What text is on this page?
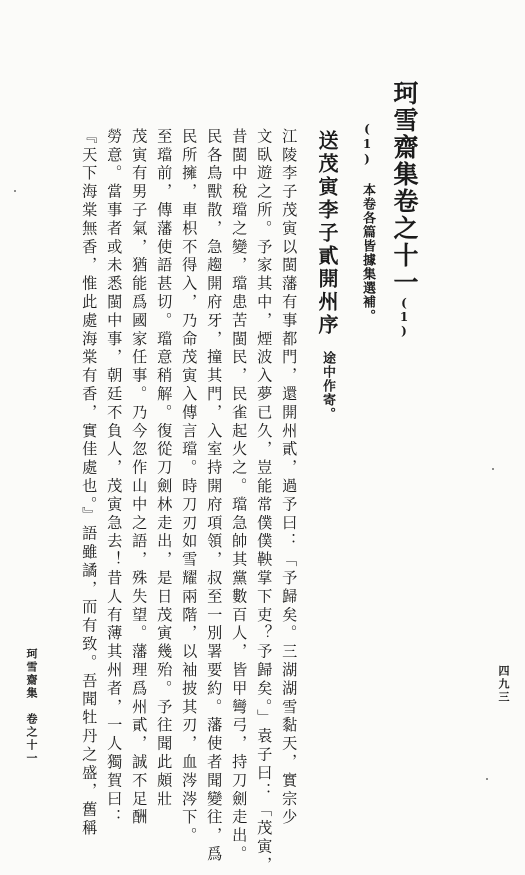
珂雪齋集卷之十一(1)
(1) 本卷各篇皆據集選補。
送茂寅李子貳開州序途中作寄。
江陵李子茂寅以閩藩有事都門，還開州貳，過予曰：「予歸矣。三湖湖雪黏天，實宗少
文臥遊之所。予家其中，煙波入夢已久，豈能常僕僕鞅掌下吏？予歸矣。」袁子曰：「茂寅，
昔閩中稅璫之變，璫患苦閩民，民雀起火之。璫急帥其黨數百人，皆甲彎弓，持刀劍走出。
民各鳥獸散，急趨開府牙，撞其門，入室持開府項領，叔至一別署要約。藩使者聞變往，爲
民所擁，車枳不得入，乃命茂寅入傳言璫。時刀刃如雪耀兩階，以袖披其刃，血涔涔下。
至璫前，傳藩使語甚切。璫意稍解。復從刀劍林走出，是日茂寅幾殆。予往聞此頗壯
茂寅有男子氣，猶能爲國家任事。乃今忽作山中之語，殊失望。藩理爲州貳，誠不足酬
勞意。當事者或未悉閩中事，朝廷不負人，茂寅急去！昔人有薄其州者，一人獨賀曰：
『天下海棠無香，惟此處海棠有香，實佳處也。』語雖譎，而有致。吾聞牡丹之盛，舊稱
珂雪齋集　卷之十一	四九三
